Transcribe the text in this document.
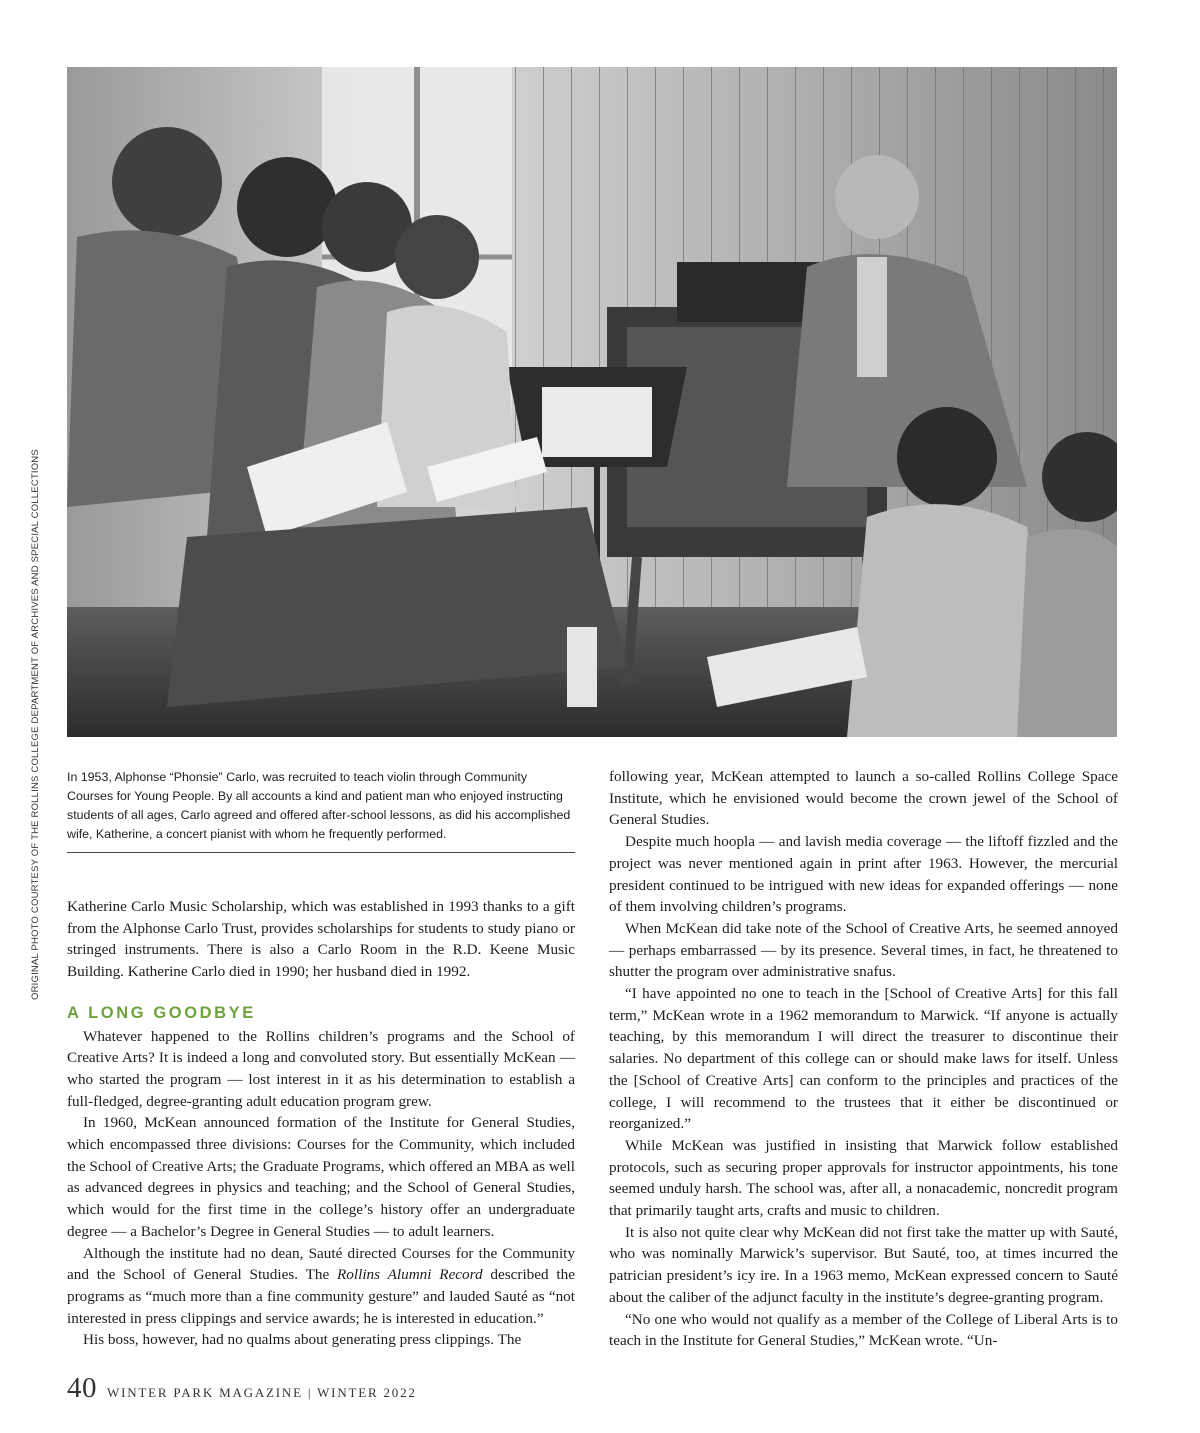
ORIGINAL PHOTO COURTESY OF THE ROLLINS COLLEGE DEPARTMENT OF ARCHIVES AND SPECIAL COLLECTIONS In 1953, Alphonse “Phonsie” Carlo, was recruited to teach violin through Community Courses for Young People. By all accounts a kind and patient man who enjoyed instructing students of all ages, Carlo agreed and offered after-school lessons, as did his accomplished wife, Katherine, a concert pianist with whom he frequently performed.

Katherine Carlo Music Scholarship, which was established in 1993 thanks to a gift from the Alphonse Carlo Trust, provides scholarships for students to study piano or stringed instruments. There is also a Carlo Room in the R.D. Keene Music Building. Katherine Carlo died in 1990; her husband died in 1992.

A LONG GOODBYE

Whatever happened to the Rollins children’s programs and the School of Creative Arts? It is indeed a long and convoluted story. But essentially McKean — who started the program — lost interest in it as his determination to establish a full-fledged, degree-granting adult education program grew.

In 1960, McKean announced formation of the Institute for General Studies, which encompassed three divisions: Courses for the Community, which included the School of Creative Arts; the Graduate Programs, which offered an MBA as well as advanced degrees in physics and teaching; and the School of General Studies, which would for the first time in the college’s history offer an undergraduate degree — a Bachelor’s Degree in General Studies — to adult learners.

Although the institute had no dean, Sauté directed Courses for the Community and the School of General Studies. The Rollins Alumni Record described the programs as “much more than a fine community gesture” and lauded Sauté as “not interested in press clippings and service awards; he is interested in education.”

His boss, however, had no qualms about generating press clippings. The

following year, McKean attempted to launch a so-called Rollins College Space Institute, which he envisioned would become the crown jewel of the School of General Studies.

Despite much hoopla — and lavish media coverage — the liftoff fizzled and the project was never mentioned again in print after 1963. However, the mercurial president continued to be intrigued with new ideas for expanded offerings — none of them involving children’s programs.

When McKean did take note of the School of Creative Arts, he seemed annoyed — perhaps embarrassed — by its presence. Several times, in fact, he threatened to shutter the program over administrative snafus.

“I have appointed no one to teach in the [School of Creative Arts] for this fall term,” McKean wrote in a 1962 memorandum to Marwick. “If anyone is actually teaching, by this memorandum I will direct the treasurer to discontinue their salaries. No department of this college can or should make laws for itself. Unless the [School of Creative Arts] can conform to the principles and practices of the college, I will recommend to the trustees that it either be discontinued or reorganized.”

While McKean was justified in insisting that Marwick follow established protocols, such as securing proper approvals for instructor appointments, his tone seemed unduly harsh. The school was, after all, a nonacademic, noncredit program that primarily taught arts, crafts and music to children.

It is also not quite clear why McKean did not first take the matter up with Sauté, who was nominally Marwick’s supervisor. But Sauté, too, at times incurred the patrician president’s icy ire. In a 1963 memo, McKean expressed concern to Sauté about the caliber of the adjunct faculty in the institute’s degree-granting program.

“No one who would not qualify as a member of the College of Liberal Arts is to teach in the Institute for General Studies,” McKean wrote. “Un-

40 WINTER PARK MAGAZINE | WINTER 2022
